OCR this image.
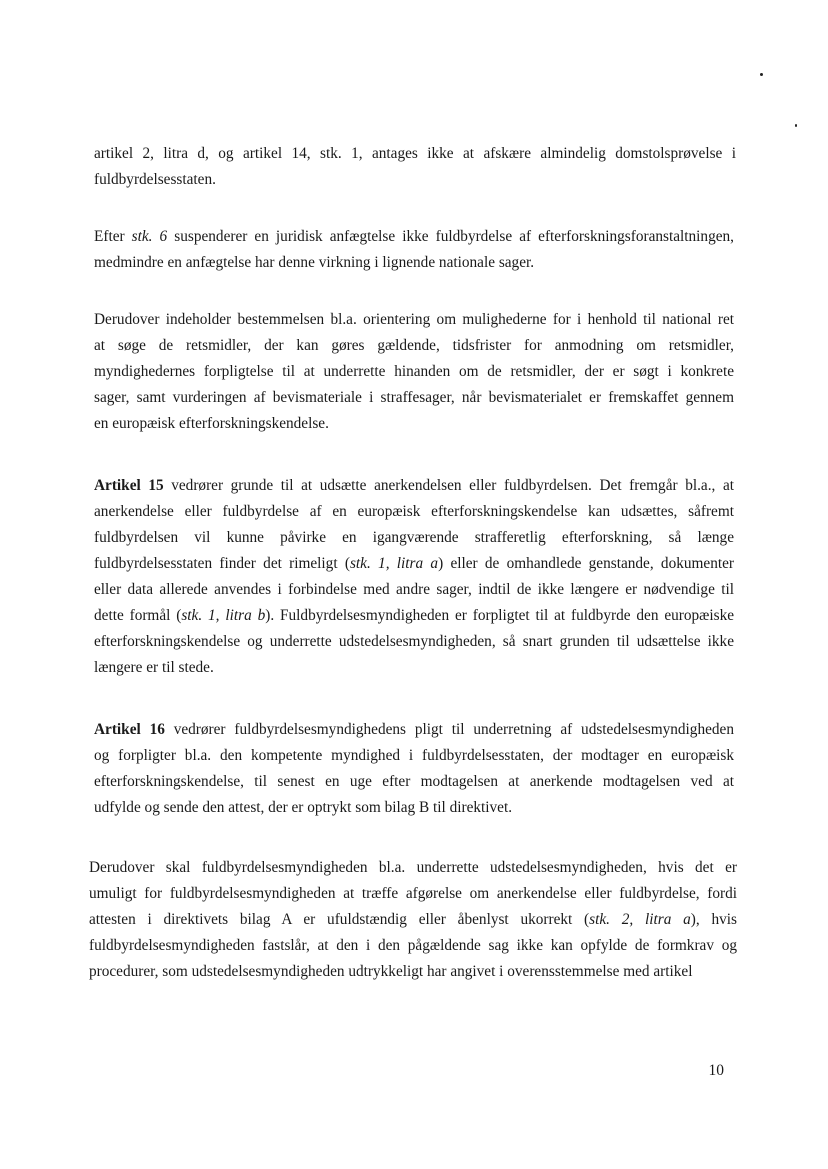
artikel 2, litra d, og artikel 14, stk. 1, antages ikke at afskære almindelig domstolsprøvelse i
fuldbyrdelsesstaten.

Efter stk. 6 suspenderer en juridisk anfægtelse ikke fuldbyrdelse af efterforskningsforanstaltningen,
medmindre en anfægtelse har denne virkning i lignende nationale sager.

Derudover indeholder bestemmelsen bl.a. orientering om mulighederne for i henhold til national ret
at søge de retsmidler, der kan gøres gældende, tidsfrister for anmodning om retsmidler,
myndighedernes forpligtelse til at underrette hinanden om de retsmidler, der er søgt i konkrete
sager, samt vurderingen af bevismateriale i straffesager, når bevismaterialet er fremskaffet gennem
en europæisk efterforskningskendelse.

Artikel 15 vedrører grunde til at udsætte anerkendelsen eller fuldbyrdelsen. Det fremgår bl.a., at
anerkendelse eller fuldbyrdelse af en europæisk efterforskningskendelse kan udsættes, såfremt
fuldbyrdelsen vil kunne påvirke en igangværende strafferetlig efterforskning, så længe
fuldbyrdelsesstaten finder det rimeligt (stk. 1, litra a) eller de omhandlede genstande, dokumenter
eller data allerede anvendes i forbindelse med andre sager, indtil de ikke længere er nødvendige til
dette formål (stk. 1, litra b). Fuldbyrdelsesmyndigheden er forpligtet til at fuldbyrde den europæiske
efterforskningskendelse og underrette udstedelsesmyndigheden, så snart grunden til udsættelse ikke
længere er til stede.

Artikel 16 vedrører fuldbyrdelsesmyndighedens pligt til underretning af udstedelsesmyndigheden
og forpligter bl.a. den kompetente myndighed i fuldbyrdelsesstaten, der modtager en europæisk
efterforskningskendelse, til senest en uge efter modtagelsen at anerkende modtagelsen ved at
udfylde og sende den attest, der er optrykt som bilag B til direktivet.

Derudover skal fuldbyrdelsesmyndigheden bl.a. underrette udstedelsesmyndigheden, hvis det er
umuligt for fuldbyrdelsesmyndigheden at træffe afgørelse om anerkendelse eller fuldbyrdelse, fordi
attesten i direktivets bilag A er ufuldstændig eller åbenlyst ukorrekt (stk. 2, litra a), hvis
fuldbyrdelsesmyndigheden fastslår, at den i den pågældende sag ikke kan opfylde de formkrav og
procedurer, som udstedelsesmyndigheden udtrykkeligt har angivet i overensstemmelse med artikel

10
